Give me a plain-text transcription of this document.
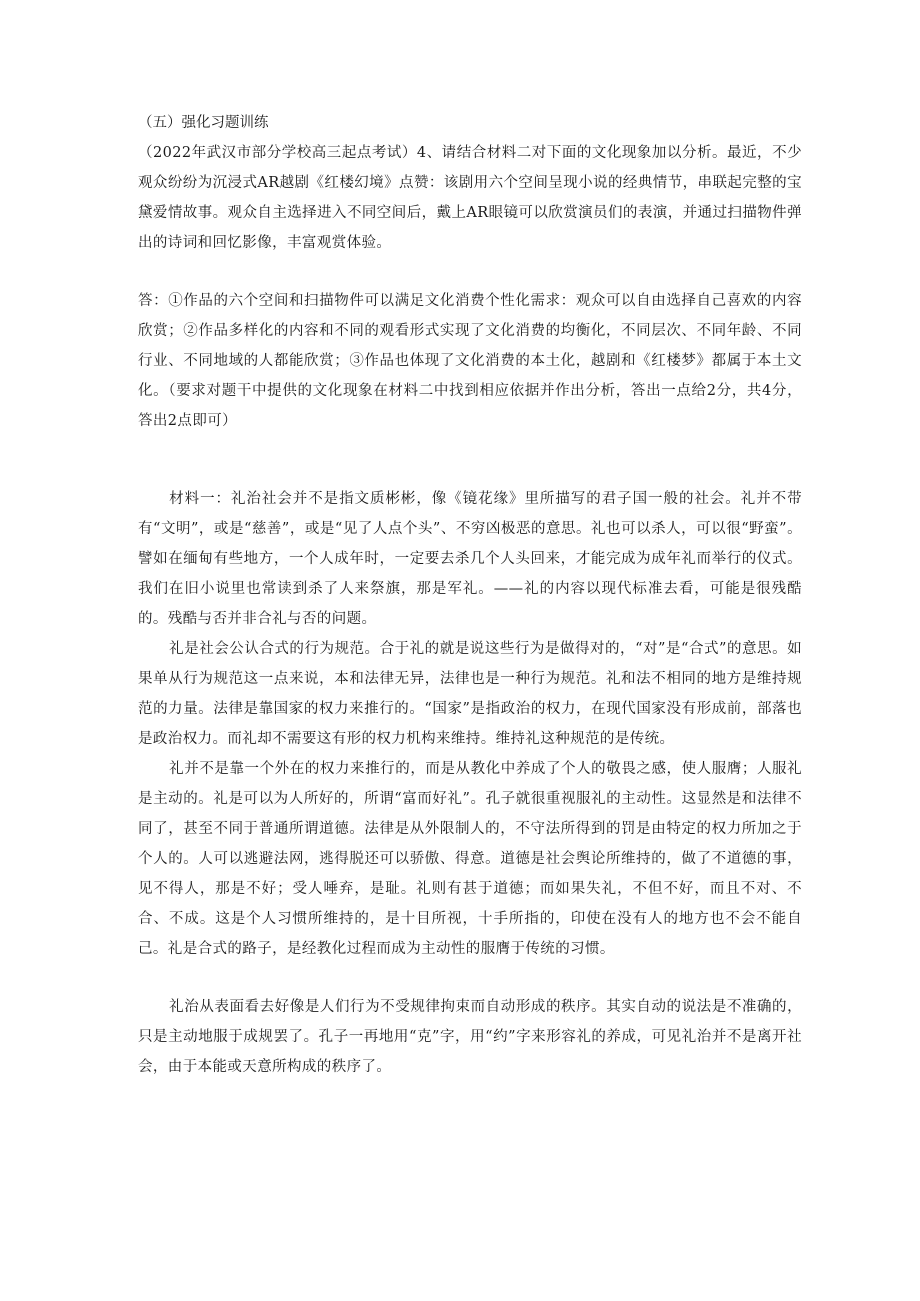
（五）强化习题训练

（2022年武汉市部分学校高三起点考试）4、请结合材料二对下面的文化现象加以分析。最近，不少观众纷纷为沉浸式AR越剧《红楼幻境》点赞：该剧用六个空间呈现小说的经典情节，串联起完整的宝黛爱情故事。观众自主选择进入不同空间后，戴上AR眼镜可以欣赏演员们的表演，并通过扫描物件弹出的诗词和回忆影像，丰富观赏体验。

答：①作品的六个空间和扫描物件可以满足文化消费个性化需求：观众可以自由选择自己喜欢的内容欣赏；②作品多样化的内容和不同的观看形式实现了文化消费的均衡化，不同层次、不同年龄、不同行业、不同地域的人都能欣赏；③作品也体现了文化消费的本土化，越剧和《红楼梦》都属于本土文化。（要求对题干中提供的文化现象在材料二中找到相应依据并作出分析，答出一点给2分，共4分，答出2点即可）

材料一：礼治社会并不是指文质彬彬，像《镜花缘》里所描写的君子国一般的社会。礼并不带有“文明”，或是“慈善”，或是“见了人点个头”、不穷凶极恶的意思。礼也可以杀人，可以很“野蛮”。譬如在缅甸有些地方，一个人成年时，一定要去杀几个人头回来，才能完成为成年礼而举行的仪式。我们在旧小说里也常读到杀了人来祭旗，那是军礼。——礼的内容以现代标准去看，可能是很残酷的。残酷与否并非合礼与否的问题。

礼是社会公认合式的行为规范。合于礼的就是说这些行为是做得对的，“对”是“合式”的意思。如果单从行为规范这一点来说，本和法律无异，法律也是一种行为规范。礼和法不相同的地方是维持规范的力量。法律是靠国家的权力来推行的。“国家”是指政治的权力，在现代国家没有形成前，部落也是政治权力。而礼却不需要这有形的权力机构来维持。维持礼这种规范的是传统。

礼并不是靠一个外在的权力来推行的，而是从教化中养成了个人的敬畏之感，使人服膺；人服礼是主动的。礼是可以为人所好的，所谓“富而好礼”。孔子就很重视服礼的主动性。这显然是和法律不同了，甚至不同于普通所谓道德。法律是从外限制人的，不守法所得到的罚是由特定的权力所加之于个人的。人可以逃避法网，逃得脱还可以骄傲、得意。道德是社会舆论所维持的，做了不道德的事，见不得人，那是不好；受人唾弃，是耻。礼则有甚于道德；而如果失礼，不但不好，而且不对、不合、不成。这是个人习惯所维持的，是十目所视，十手所指的，印使在没有人的地方也不会不能自己。礼是合式的路子，是经教化过程而成为主动性的服膺于传统的习惯。

礼治从表面看去好像是人们行为不受规律拘束而自动形成的秩序。其实自动的说法是不准确的，只是主动地服于成规罢了。孔子一再地用“克”字，用“约”字来形容礼的养成，可见礼治并不是离开社会，由于本能或天意所构成的秩序了。
